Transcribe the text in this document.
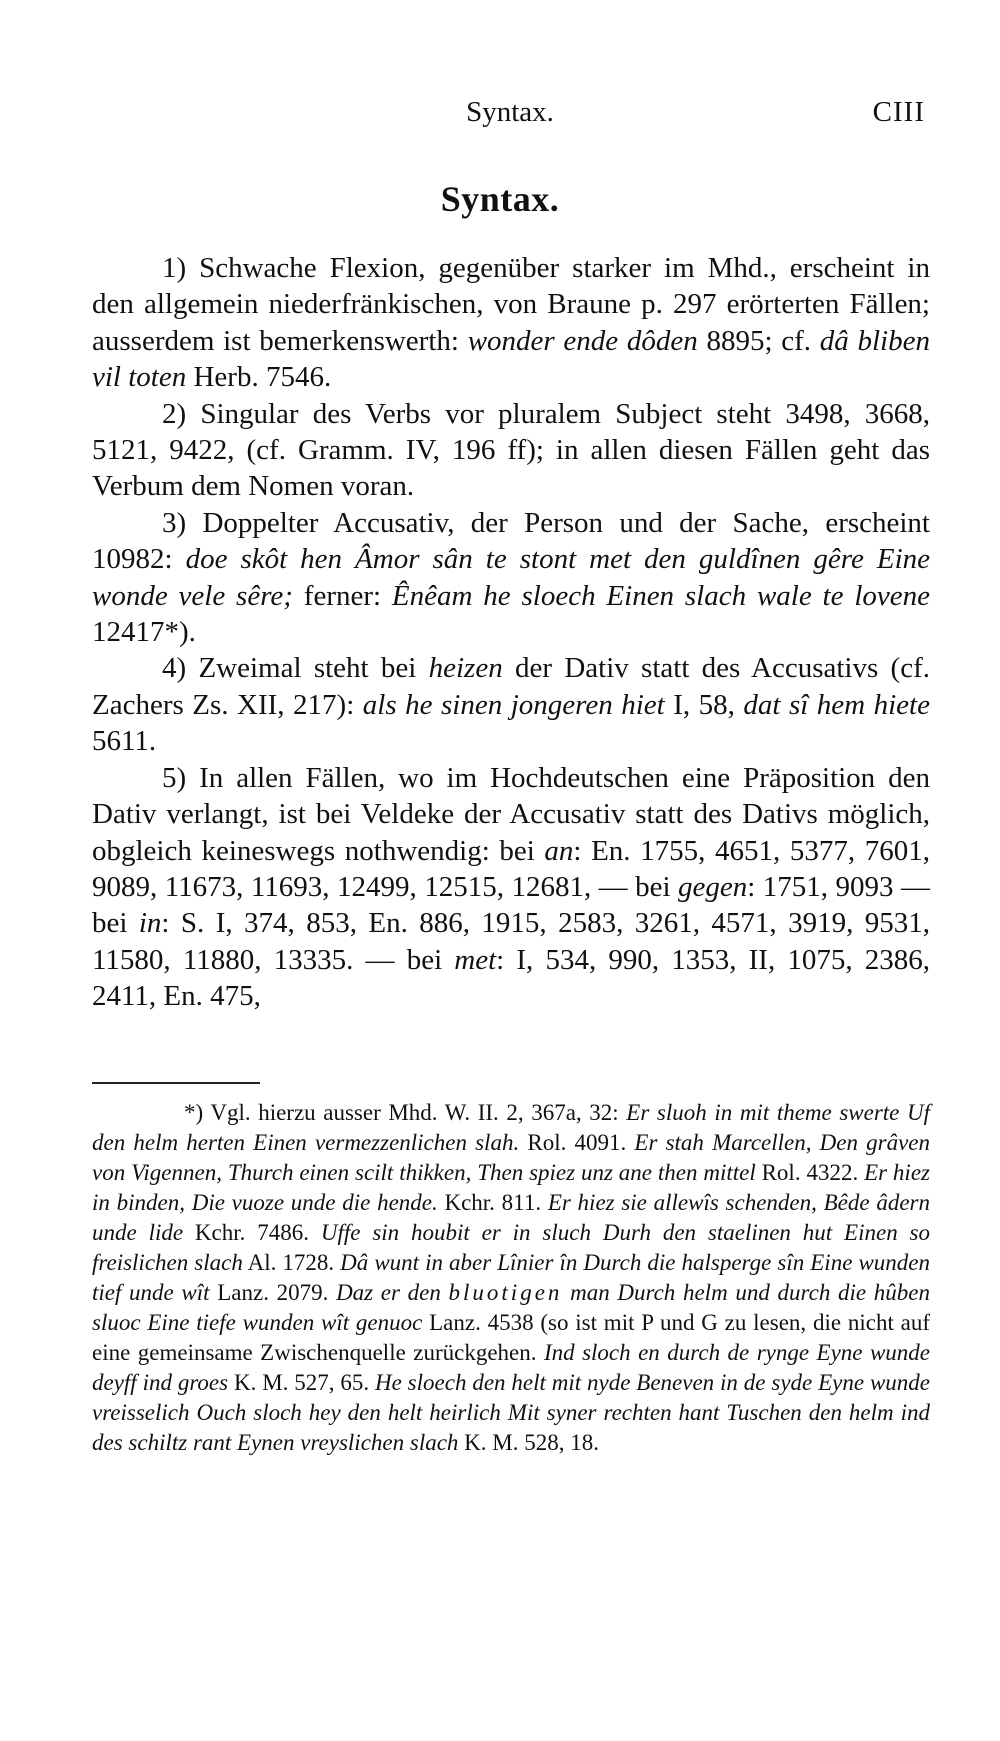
Syntax.	CIII
Syntax.

1) Schwache Flexion, gegenüber starker im Mhd., erscheint in den allgemein niederfränkischen, von Braune p. 297 erörterten Fällen; ausserdem ist bemerkenswerth: wonder ende dôden 8895; cf. dâ bliben vil toten Herb. 7546.

2) Singular des Verbs vor pluralem Subject steht 3498, 3668, 5121, 9422, (cf. Gramm. IV, 196 ff); in allen diesen Fällen geht das Verbum dem Nomen voran.

3) Doppelter Accusativ, der Person und der Sache, erscheint 10982: doe skôt hen Âmor sân te stont met den guldînen gêre Eine wonde vele sêre; ferner: Ênêam he sloech Einen slach wale te lovene 12417*).

4) Zweimal steht bei heizen der Dativ statt des Accusativs (cf. Zachers Zs. XII, 217): als he sinen jongeren hiet I, 58, dat sî hem hiete 5611.

5) In allen Fällen, wo im Hochdeutschen eine Präposition den Dativ verlangt, ist bei Veldeke der Accusativ statt des Dativs möglich, obgleich keineswegs nothwendig: bei an: En. 1755, 4651, 5377, 7601, 9089, 11673, 11693, 12499, 12515, 12681, — bei gegen: 1751, 9093 — bei in: S. I, 374, 853, En. 886, 1915, 2583, 3261, 4571, 3919, 9531, 11580, 11880, 13335. — bei met: I, 534, 990, 1353, II, 1075, 2386, 2411, En. 475,

*) Vgl. hierzu ausser Mhd. W. II. 2, 367a, 32: Er sluoh in mit theme swerte Uf den helm herten Einen vermezzenlichen slah. Rol. 4091. Er stah Marcellen, Den grâven von Vigennen, Thurch einen scilt thikken, Then spiez unz ane then mittel Rol. 4322. Er hiez in binden, Die vuoze unde die hende. Kchr. 811. Er hiez sie allewîs schenden, Bêde âdern unde lide Kchr. 7486. Uffe sin houbit er in sluch Durh den staelinen hut Einen so freislichen slach Al. 1728. Dâ wunt in aber Lînier în Durch die halsperge sîn Eine wunden tief unde wît Lanz. 2079. Daz er den bluotigen man Durch helm und durch die hûben sluoc Eine tiefe wunden wît genuoc Lanz. 4538 (so ist mit P und G zu lesen, die nicht auf eine gemeinsame Zwischenquelle zurückgehen. Ind sloch en durch de rynge Eyne wunde deyff ind groes K. M. 527, 65. He sloech den helt mit nyde Beneven in de syde Eyne wunde vreisselich Ouch sloch hey den helt heirlich Mit syner rechten hant Tuschen den helm ind des schiltz rant Eynen vreyslichen slach K. M. 528, 18.
